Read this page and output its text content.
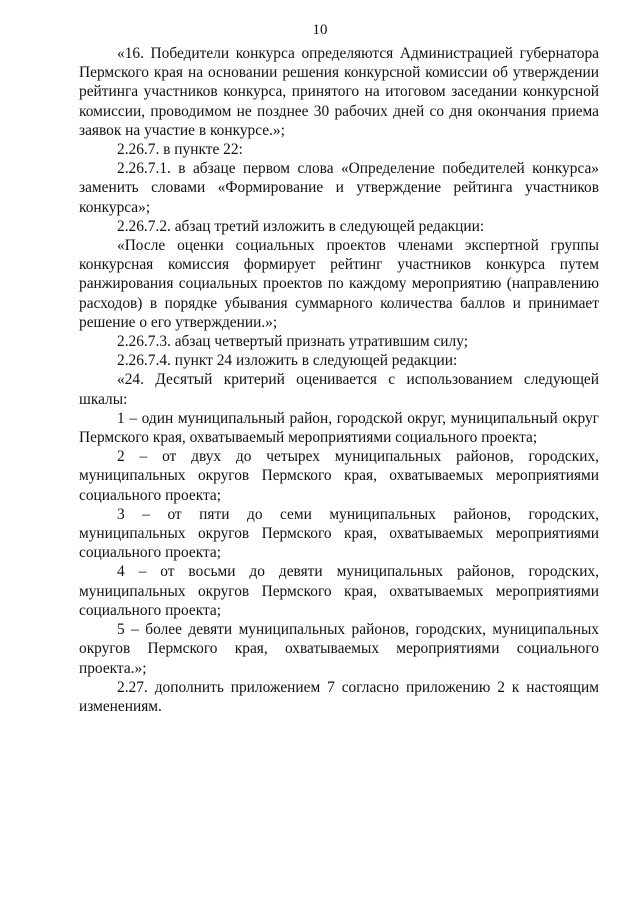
10

«16. Победители конкурса определяются Администрацией губернатора Пермского края на основании решения конкурсной комиссии об утверждении рейтинга участников конкурса, принятого на итоговом заседании конкурсной комиссии, проводимом не позднее 30 рабочих дней со дня окончания приема заявок на участие в конкурсе.»;

2.26.7. в пункте 22:

2.26.7.1. в абзаце первом слова «Определение победителей конкурса» заменить словами «Формирование и утверждение рейтинга участников конкурса»;

2.26.7.2. абзац третий изложить в следующей редакции:

«После оценки социальных проектов членами экспертной группы конкурсная комиссия формирует рейтинг участников конкурса путем ранжирования социальных проектов по каждому мероприятию (направлению расходов) в порядке убывания суммарного количества баллов и принимает решение о его утверждении.»;

2.26.7.3. абзац четвертый признать утратившим силу;

2.26.7.4. пункт 24 изложить в следующей редакции:

«24. Десятый критерий оценивается с использованием следующей шкалы:

1 – один муниципальный район, городской округ, муниципальный округ Пермского края, охватываемый мероприятиями социального проекта;

2 – от двух до четырех муниципальных районов, городских, муниципальных округов Пермского края, охватываемых мероприятиями социального проекта;

3 – от пяти до семи муниципальных районов, городских, муниципальных округов Пермского края, охватываемых мероприятиями социального проекта;

4 – от восьми до девяти муниципальных районов, городских, муниципальных округов Пермского края, охватываемых мероприятиями социального проекта;

5 – более девяти муниципальных районов, городских, муниципальных округов Пермского края, охватываемых мероприятиями социального проекта.»;

2.27. дополнить приложением 7 согласно приложению 2 к настоящим изменениям.
